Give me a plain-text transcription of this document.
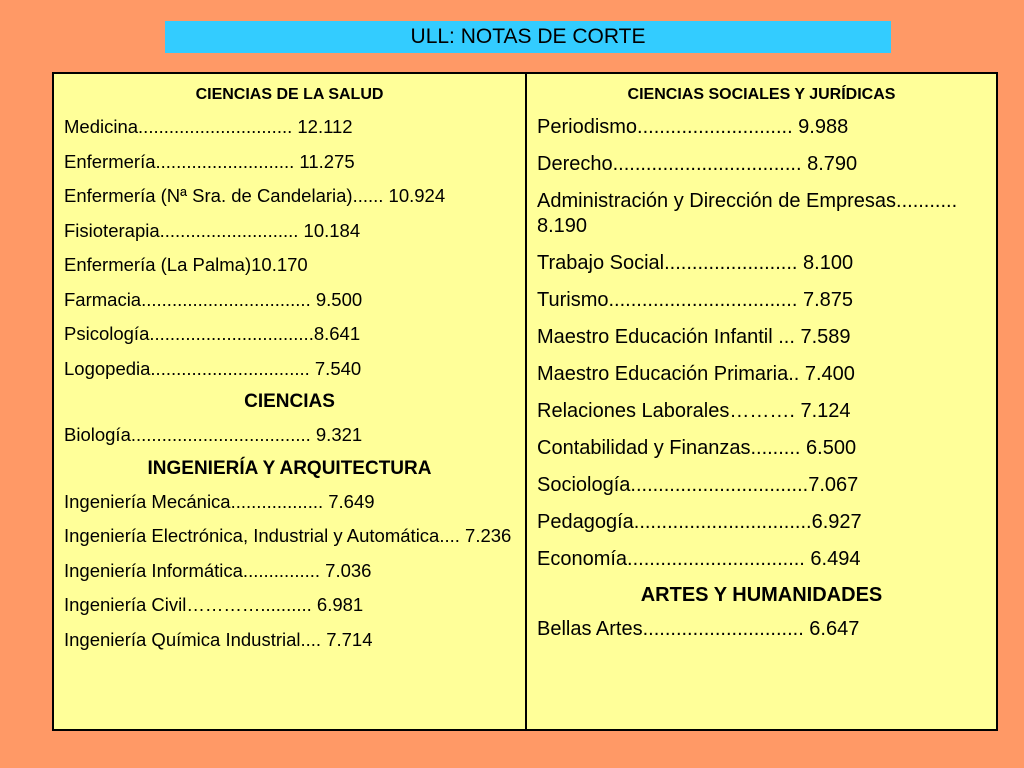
ULL: NOTAS DE CORTE
CIENCIAS DE LA SALUD
Medicina.............................. 12.112
Enfermería........................... 11.275
Enfermería (Nª Sra. de Candelaria)...... 10.924
Fisioterapia........................... 10.184
Enfermería (La Palma)10.170
Farmacia................................. 9.500
Psicología................................8.641
Logopedia............................... 7.540
CIENCIAS
Biología................................... 9.321
INGENIERÍA Y ARQUITECTURA
Ingeniería Mecánica.................. 7.649
Ingeniería Electrónica, Industrial y Automática.... 7.236
Ingeniería Informática............... 7.036
Ingeniería Civil………….......... 6.981
Ingeniería Química Industrial.... 7.714
CIENCIAS SOCIALES Y JURÍDICAS
Periodismo............................ 9.988
Derecho.................................. 8.790
Administración y Dirección de Empresas........... 8.190
Trabajo Social........................ 8.100
Turismo.................................. 7.875
Maestro Educación Infantil ... 7.589
Maestro Educación Primaria.. 7.400
Relaciones Laborales………. 7.124
Contabilidad y Finanzas......... 6.500
Sociología................................7.067
Pedagogía................................6.927
Economía................................ 6.494
ARTES Y HUMANIDADES
Bellas Artes............................. 6.647
